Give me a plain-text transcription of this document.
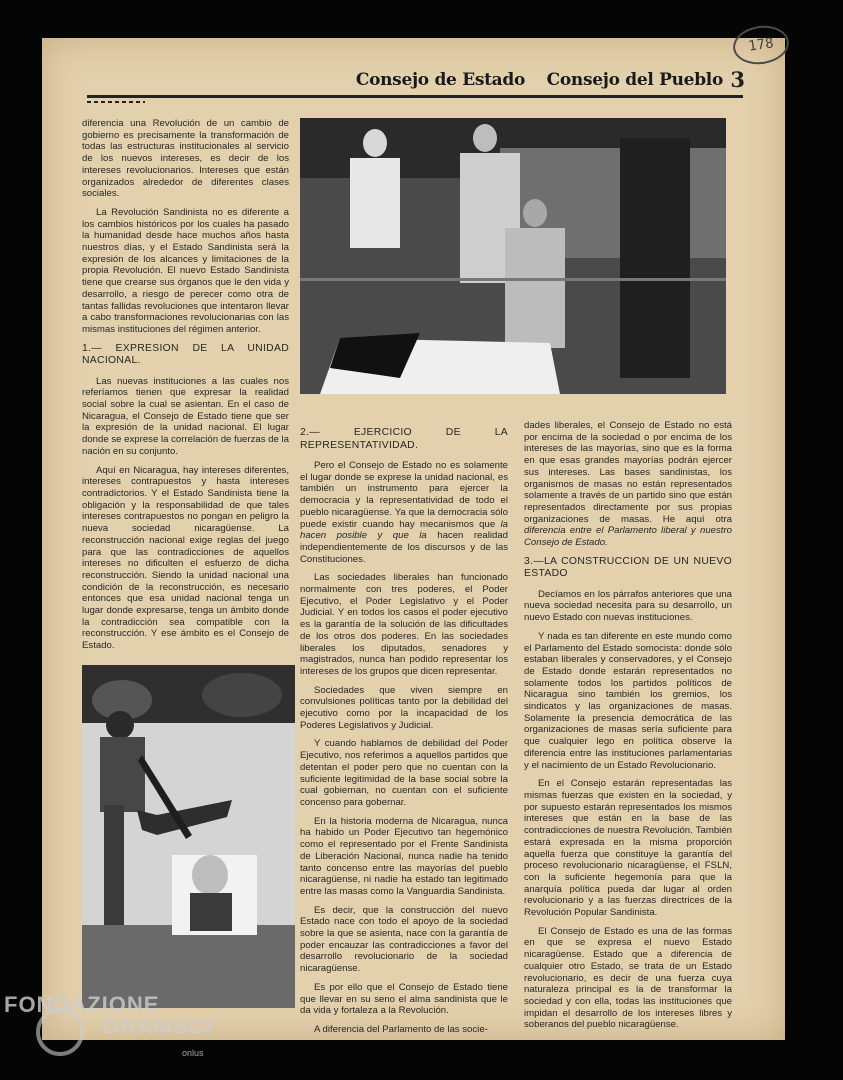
Consejo de Estado Consejo del Pueblo 3
178

diferencia una Revolución de un cambio de gobierno es precisamente la transformación de todas las estructuras institucionales al servicio de los nuevos intereses, es decir de los intereses revolucionarios. Intereses que están organizados alrededor de diferentes clases sociales.

La Revolución Sandinista no es diferente a los cambios históricos por los cuales ha pasado la humanidad desde hace muchos años hasta nuestros días, y el Estado Sandinista será la expresión de los alcances y limitaciones de la propia Revolución. El nuevo Estado Sandinista tiene que crearse sus órganos que le den vida y desarrollo, a riesgo de perecer como otra de tantas fallidas revoluciones que intentaron llevar a cabo transformaciones revolucionarias con las mismas instituciones del régimen anterior.

1.— EXPRESION DE LA UNIDAD NACIONAL.

Las nuevas instituciones a las cuales nos referíamos tienen que expresar la realidad social sobre la cual se asientan. En el caso de Nicaragua, el Consejo de Estado tiene que ser la expresión de la unidad nacional. El lugar donde se exprese la correlación de fuerzas de la nación en su conjunto.

Aquí en Nicaragua, hay intereses diferentes, intereses contrapuestos y hasta intereses contradictorios. Y el Estado Sandinista tiene la obligación y la responsabilidad de que tales intereses contrapuestos no pongan en peligro la nueva sociedad nicaragüense. La reconstrucción nacional exige reglas del juego para que las contradicciones de aquellos intereses no dificulten el esfuerzo de dicha reconstrucción. Siendo la unidad nacional una condición de la reconstrucción, es necesario entonces que esa unidad nacional tenga un lugar donde expresarse, tenga un ámbito donde la contradicción sea compatible con la reconstrucción. Y ese ámbito es el Consejo de Estado.

2.— EJERCICIO DE LA REPRESENTATIVIDAD.

Pero el Consejo de Estado no es solamente el lugar donde se exprese la unidad nacional, es también un instrumento para ejercer la democracia y la representatividad de todo el pueblo nicaragüense. Ya que la democracia sólo puede existir cuando hay mecanismos que la hacen posible y que la hacen realidad independientemente de los discursos y de las Constituciones.

Las sociedades liberales han funcionado normalmente con tres poderes, el Poder Ejecutivo, el Poder Legislativo y el Poder Judicial. Y en todos los casos el poder ejecutivo es la garantía de la solución de las dificultades de los otros dos poderes. En las sociedades liberales los diputados, senadores y magistrados, nunca han podido representar los intereses de los grupos que dicen representar.

Sociedades que viven siempre en convulsiones políticas tanto por la debilidad del ejecutivo como por la incapacidad de los Poderes Legislativos y Judicial.

Y cuando hablamos de debilidad del Poder Ejecutivo, nos referimos a aquellos partidos que detentan el poder pero que no cuentan con la suficiente legitimidad de la base social sobre la cual gobiernan, no cuentan con el suficiente concenso para gobernar.

En la historia moderna de Nicaragua, nunca ha habido un Poder Ejecutivo tan hegemónico como el representado por el Frente Sandinista de Liberación Nacional, nunca nadie ha tenido tanto concenso entre las mayorías del pueblo nicaragüense, ni nadie ha estado tan legitimado entre las masas como la Vanguardia Sandinista.

Es decir, que la construcción del nuevo Estado nace con todo el apoyo de la sociedad sobre la que se asienta, nace con la garantía de poder encauzar las contradicciones a favor del desarrollo revolucionario de la sociedad nicaragüense.

Es por ello que el Consejo de Estado tiene que llevar en su seno el alma sandinista que le da vida y fortaleza a la Revolución.

A diferencia del Parlamento de las socie-

dades liberales, el Consejo de Estado no está por encima de la sociedad o por encima de los intereses de las mayorías, sino que es la forma en que esas grandes mayorías podrán ejercer sus intereses. Las bases sandinistas, los organismos de masas no están representados solamente a través de un partido sino que están representados directamente por sus propias organizaciones de masas. He aquí otra diferencia entre el Parlamento liberal y nuestro Consejo de Estado.

3.—LA CONSTRUCCION DE UN NUEVO ESTADO

Decíamos en los párrafos anteriores que una nueva sociedad necesita para su desarrollo, un nuevo Estado con nuevas instituciones.

Y nada es tan diferente en este mundo como el Parlamento del Estado somocista: donde sólo estaban liberales y conservadores, y el Consejo de Estado donde estarán representados no solamente todos los partidos políticos de Nicaragua sino también los gremios, los sindicatos y las organizaciones de masas. Solamente la presencia democrática de las organizaciones de masas sería suficiente para que cualquier lego en política observe la diferencia entre las instituciones parlamentarias y el nacimiento de un Estado Revolucionario.

En el Consejo estarán representadas las mismas fuerzas que existen en la sociedad, y por supuesto estarán representados los mismos intereses que están en la base de las contradicciones de nuestra Revolución. También estará expresada en la misma proporción aquella fuerza que constituye la garantía del proceso revolucionario nicaragüense, el FSLN, con la suficiente hegemonía para que la anarquía política pueda dar lugar al orden revolucionario y a las fuerzas directrices de la Revolución Popular Sandinista.

El Consejo de Estado es una de las formas en que se expresa el nuevo Estado nicaragüense. Estado que a diferencia de cualquier otro Estado, se trata de un Estado revolucionario, es decir de una fuerza cuya naturaleza principal es la de transformar la sociedad y con ella, todas las instituciones que impidan el desarrollo de los intereses libres y soberanos del pueblo nicaragüense.

FONDAZIONE
GRAMSCI
onlus
